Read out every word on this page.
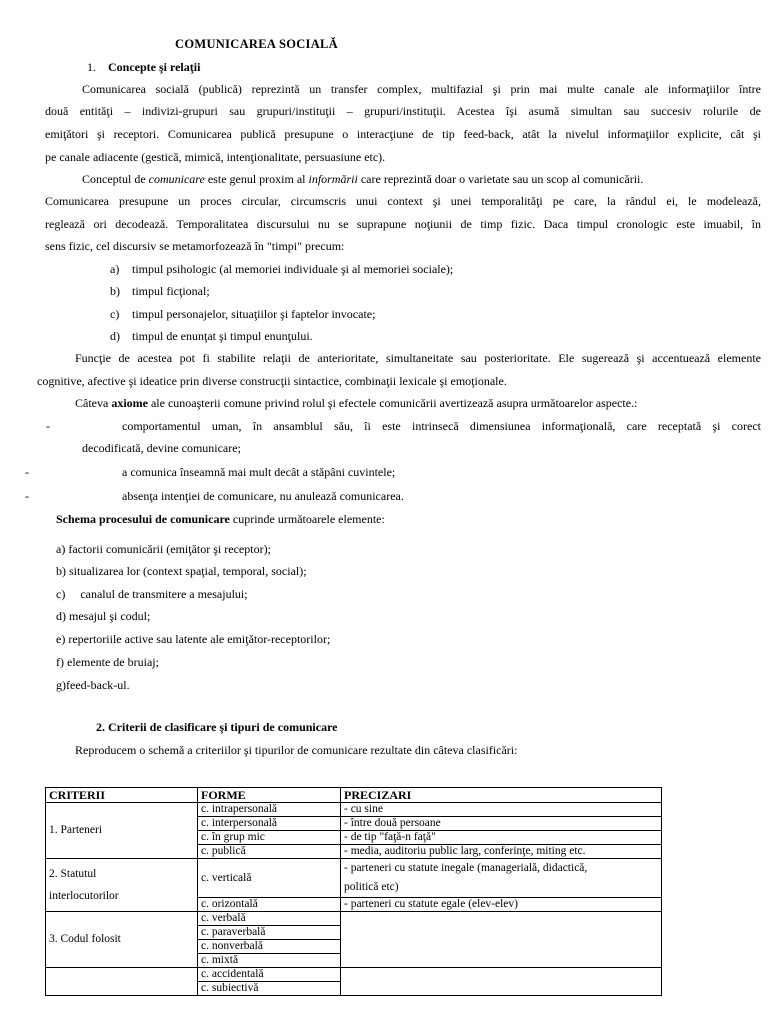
COMUNICAREA SOCIALĂ

1. Concepte şi relaţii

Comunicarea socială (publică) reprezintă un transfer complex, multifazial şi prin mai multe canale ale informaţiilor între

două entităţi – indivizi-grupuri sau grupuri/instituţii – grupuri/instituţii. Acestea îşi asumă simultan sau succesiv rolurile de

emiţători şi receptori. Comunicarea publică presupune o interacţiune de tip feed-back, atât la nivelul informaţiilor explicite, cât şi

pe canale adiacente (gestică, mimică, intenţionalitate, persuasiune etc).

Conceptul de comunicare este genul proxim al informării care reprezintă doar o varietate sau un scop al comunicării.

Comunicarea presupune un proces circular, circumscris unui context şi unei temporalităţi pe care, la rândul ei, le modelează,

reglează ori decodează. Temporalitatea discursului nu se suprapune noţiunii de timp fizic. Daca timpul cronologic este imuabil, în

sens fizic, cel discursiv se metamorfozează în "timpi" precum:

a) timpul psihologic (al memoriei individuale şi al memoriei sociale);

b) timpul ficţional;

c) timpul personajelor, situaţiilor şi faptelor invocate;

d) timpul de enunţat şi timpul enunţului.

Funcţie de acestea pot fi stabilite relaţii de anterioritate, simultaneitate sau posterioritate. Ele sugerează şi accentuează elemente

cognitive, afective şi ideatice prin diverse construcţii sintactice, combinaţii lexicale şi emoţionale.

Câteva axiome ale cunoaşterii comune privind rolul şi efectele comunicării avertizează asupra următoarelor aspecte.:

-	comportamentul uman, în ansamblul său, îi este intrinsecă dimensiunea informaţională, care receptată şi corect

decodificată, devine comunicare;

-	a comunica înseamnă mai mult decât a stăpâni cuvintele;

-	absenţa intenţiei de comunicare, nu anulează comunicarea.

Schema procesului de comunicare cuprinde următoarele elemente:

a) factorii comunicării (emiţător şi receptor);

b) situalizarea lor (context spaţial, temporal, social);

c)     canalul de transmitere a mesajului;

d) mesajul şi codul;

e) repertoriile active sau latente ale emiţător-receptorilor;

f) elemente de bruiaj;

g)feed-back-ul.

2. Criterii de clasificare şi tipuri de comunicare

Reproducem o schemă a criteriilor şi tipurilor de comunicare rezultate din câteva clasificări:

CRITERII	FORME	PRECIZARI
1. Parteneri	c. intrapersonală	- cu sine
	c. interpersonală	- între două persoane
	c. în grup mic	- de tip "faţă-n faţă"
	c. publică	- media, auditoriu public larg, conferinţe, miting etc.
2. Statutul
interlocutorilor	c. verticală	- parteneri cu statute inegale (managerială, didactică,
politică etc)
	c. orizontală	- parteneri cu statute egale (elev-elev)
3. Codul folosit	c. verbală	
	c. paraverbală	
	c. nonverbală	
	c. mixtă	
	c. accidentală	
	c. subiectivă	
